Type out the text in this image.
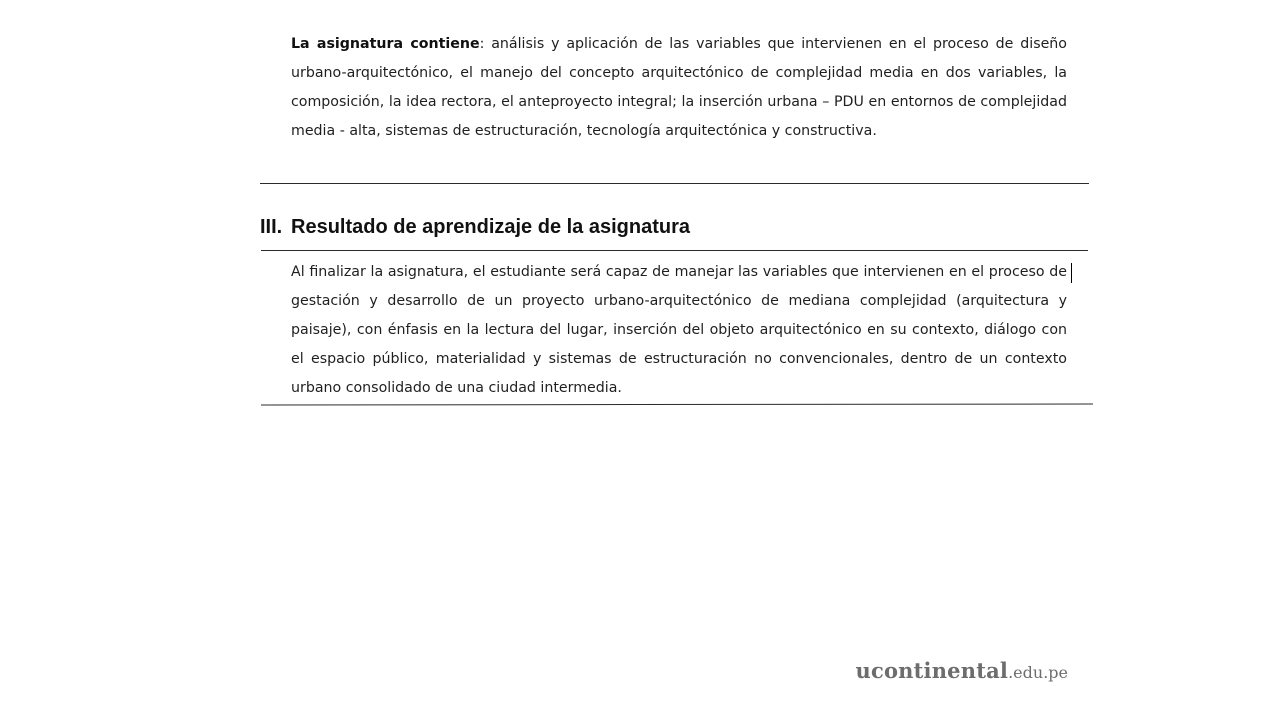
La asignatura contiene: análisis y aplicación de las variables que intervienen en el proceso de diseño urbano-arquitectónico, el manejo del concepto arquitectónico de complejidad media en dos variables, la composición, la idea rectora, el anteproyecto integral; la inserción urbana – PDU en entornos de complejidad media - alta, sistemas de estructuración, tecnología arquitectónica y constructiva.

III. Resultado de aprendizaje de la asignatura

Al finalizar la asignatura, el estudiante será capaz de manejar las variables que intervienen en el proceso de gestación y desarrollo de un proyecto urbano-arquitectónico de mediana complejidad (arquitectura y paisaje), con énfasis en la lectura del lugar, inserción del objeto arquitectónico en su contexto, diálogo con el espacio público, materialidad y sistemas de estructuración no convencionales, dentro de un contexto urbano consolidado de una ciudad intermedia.

ucontinental.edu.pe
